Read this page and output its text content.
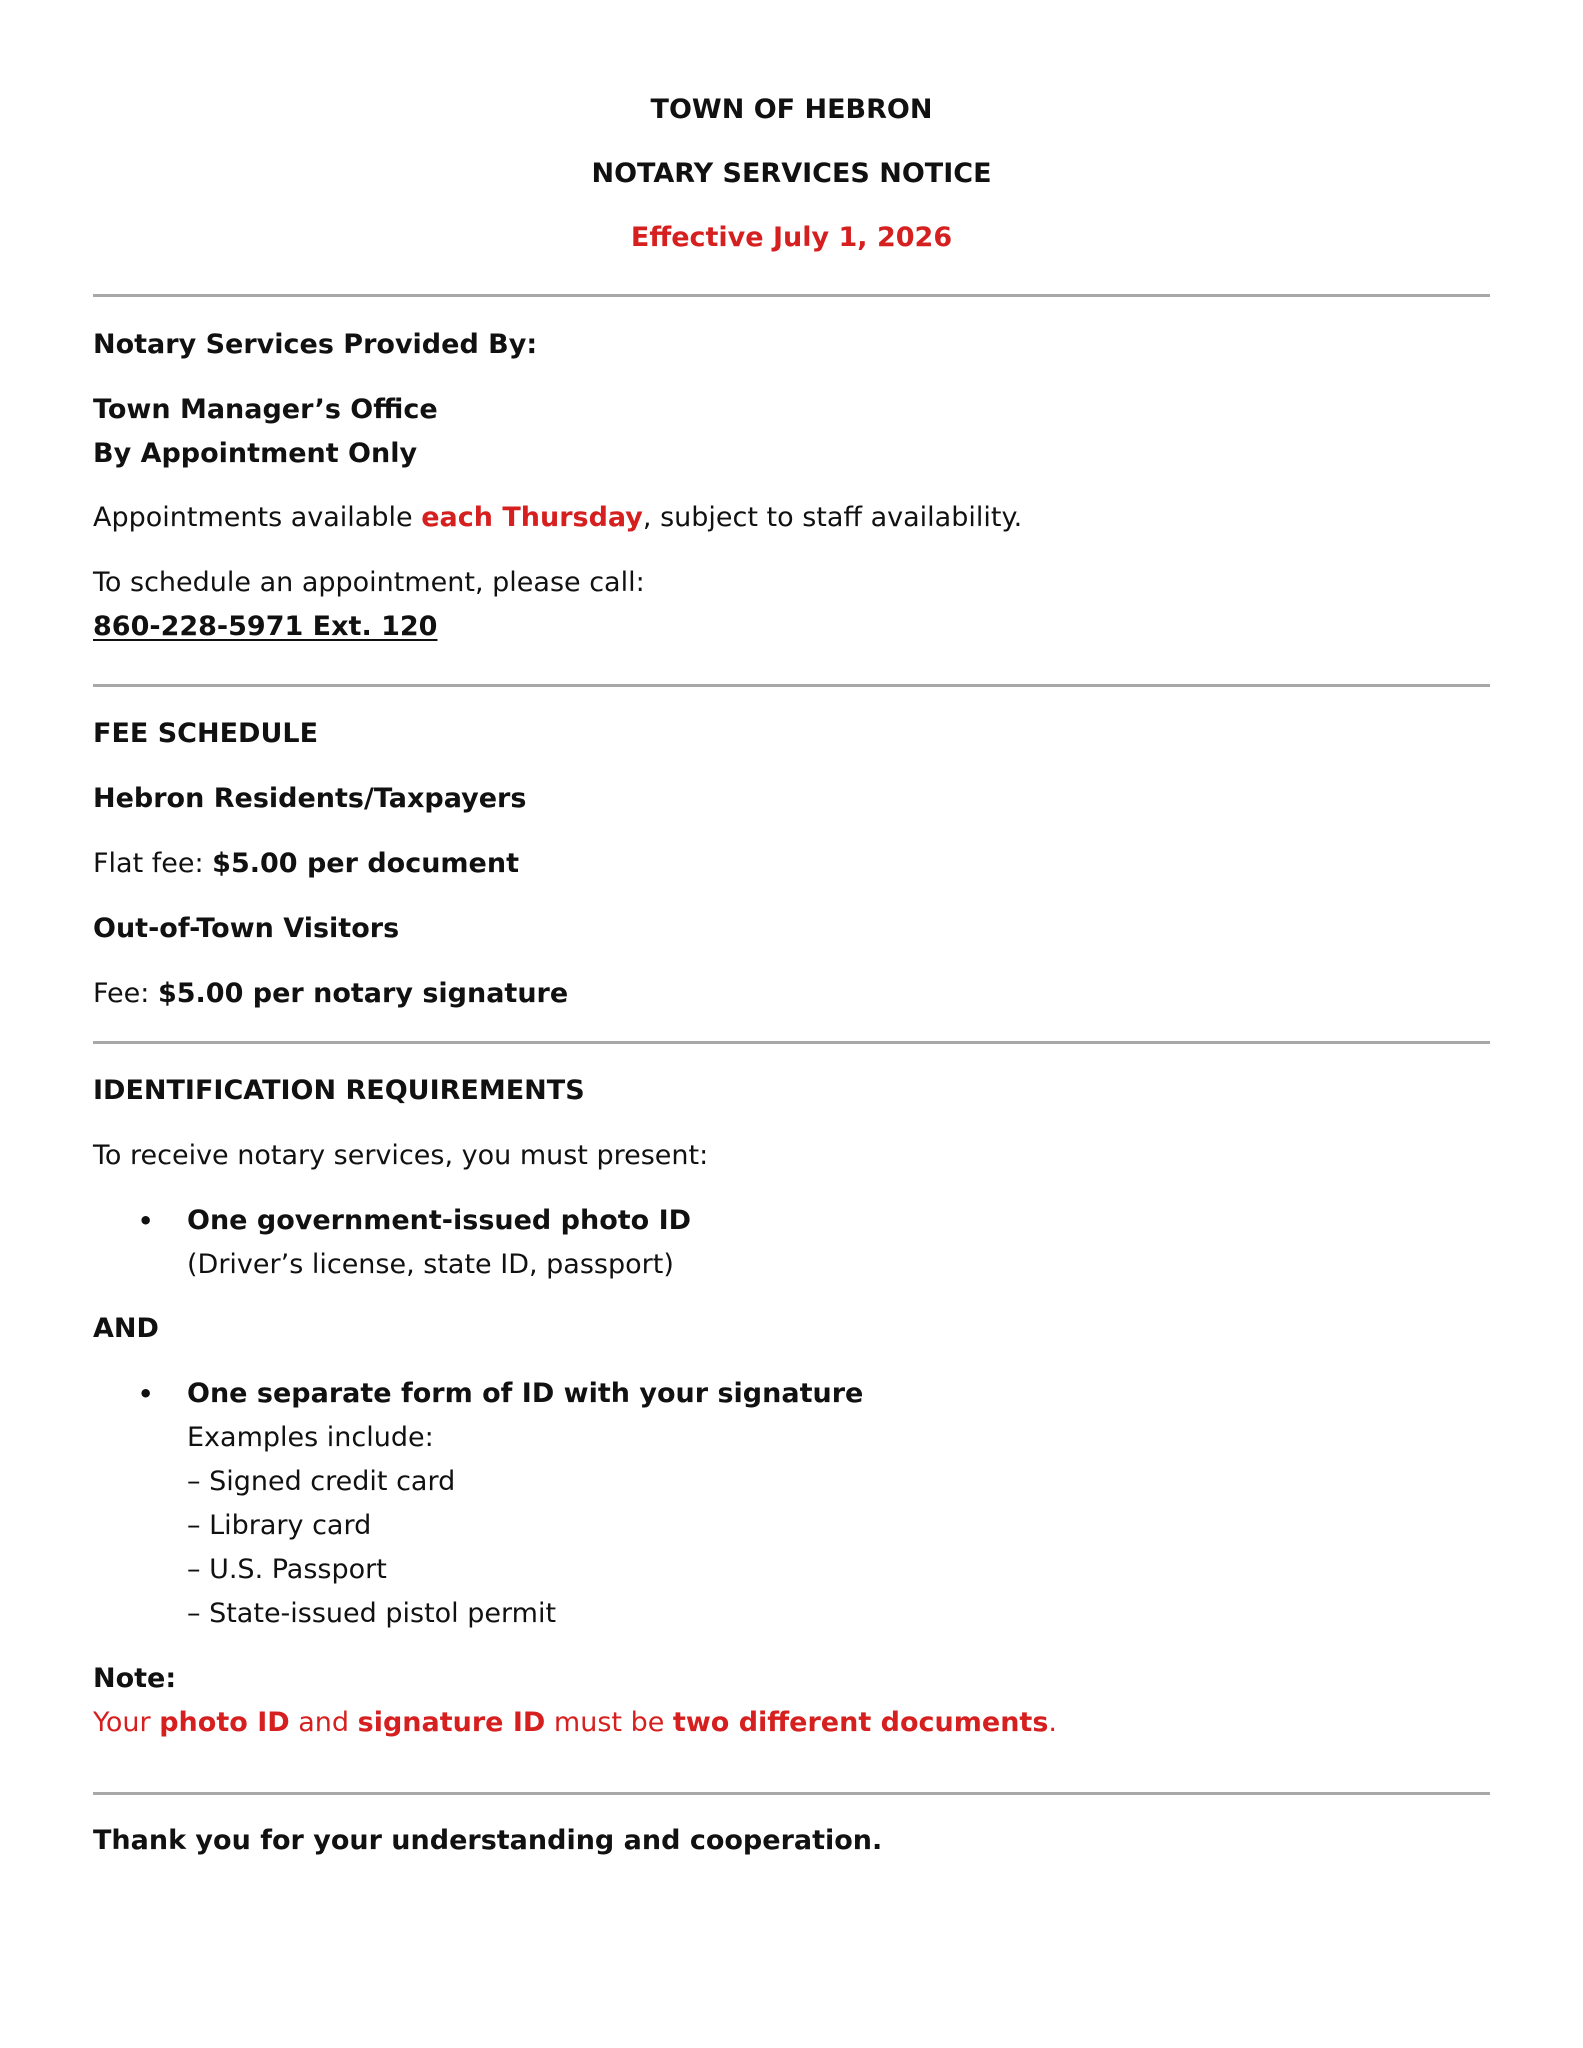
TOWN OF HEBRON
NOTARY SERVICES NOTICE
Effective July 1, 2026

Notary Services Provided By:

Town Manager’s Office

By Appointment Only

Appointments available each Thursday, subject to staff availability.

To schedule an appointment, please call:

860-228-5971 Ext. 120

FEE SCHEDULE

Hebron Residents/Taxpayers

Flat fee: $5.00 per document

Out-of-Town Visitors

Fee: $5.00 per notary signature

IDENTIFICATION REQUIREMENTS

To receive notary services, you must present:

• One government-issued photo ID

(Driver’s license, state ID, passport)

AND

• One separate form of ID with your signature

Examples include:

– Signed credit card

– Library card

– U.S. Passport

– State-issued pistol permit

Note:

Your photo ID and signature ID must be two different documents.

Thank you for your understanding and cooperation.
